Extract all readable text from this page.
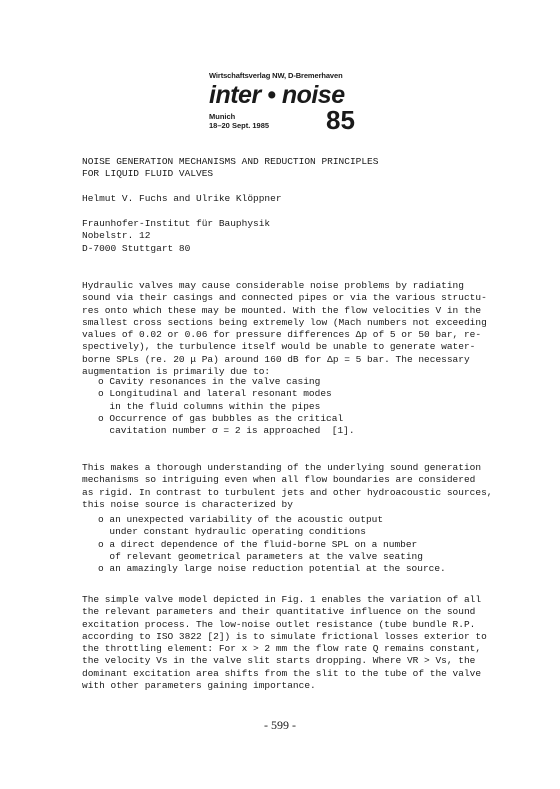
Wirtschaftsverlag NW, D-Bremerhaven
inter • noise
Munich
18–20 Sept. 1985 85
NOISE GENERATION MECHANISMS AND REDUCTION PRINCIPLES
FOR LIQUID FLUID VALVES
Helmut V. Fuchs and Ulrike Klöppner
Fraunhofer-Institut für Bauphysik
Nobelstr. 12
D-7000 Stuttgart 80
Hydraulic valves may cause considerable noise problems by radiating
sound via their casings and connected pipes or via the various structu-
res onto which these may be mounted. With the flow velocities V in the
smallest cross sections being extremely low (Mach numbers not exceeding
values of 0.02 or 0.06 for pressure differences Δp of 5 or 50 bar, re-
spectively), the turbulence itself would be unable to generate water-
borne SPLs (re. 20 μ Pa) around 160 dB for Δp = 5 bar. The necessary
augmentation is primarily due to:
o Cavity resonances in the valve casing
o Longitudinal and lateral resonant modes
in the fluid columns within the pipes
o Occurrence of gas bubbles as the critical
cavitation number σ = 2 is approached  [1].
This makes a thorough understanding of the underlying sound generation
mechanisms so intriguing even when all flow boundaries are considered
as rigid. In contrast to turbulent jets and other hydroacoustic sources,
this noise source is characterized by
o an unexpected variability of the acoustic output
under constant hydraulic operating conditions
o a direct dependence of the fluid-borne SPL on a number
of relevant geometrical parameters at the valve seating
o an amazingly large noise reduction potential at the source.
The simple valve model depicted in Fig. 1 enables the variation of all
the relevant parameters and their quantitative influence on the sound
excitation process. The low-noise outlet resistance (tube bundle R.P.
according to ISO 3822 [2]) is to simulate frictional losses exterior to
the throttling element: For x > 2 mm the flow rate Q remains constant,
the velocity Vs in the valve slit starts dropping. Where VR > Vs, the
dominant excitation area shifts from the slit to the tube of the valve
with other parameters gaining importance.
- 599 -
